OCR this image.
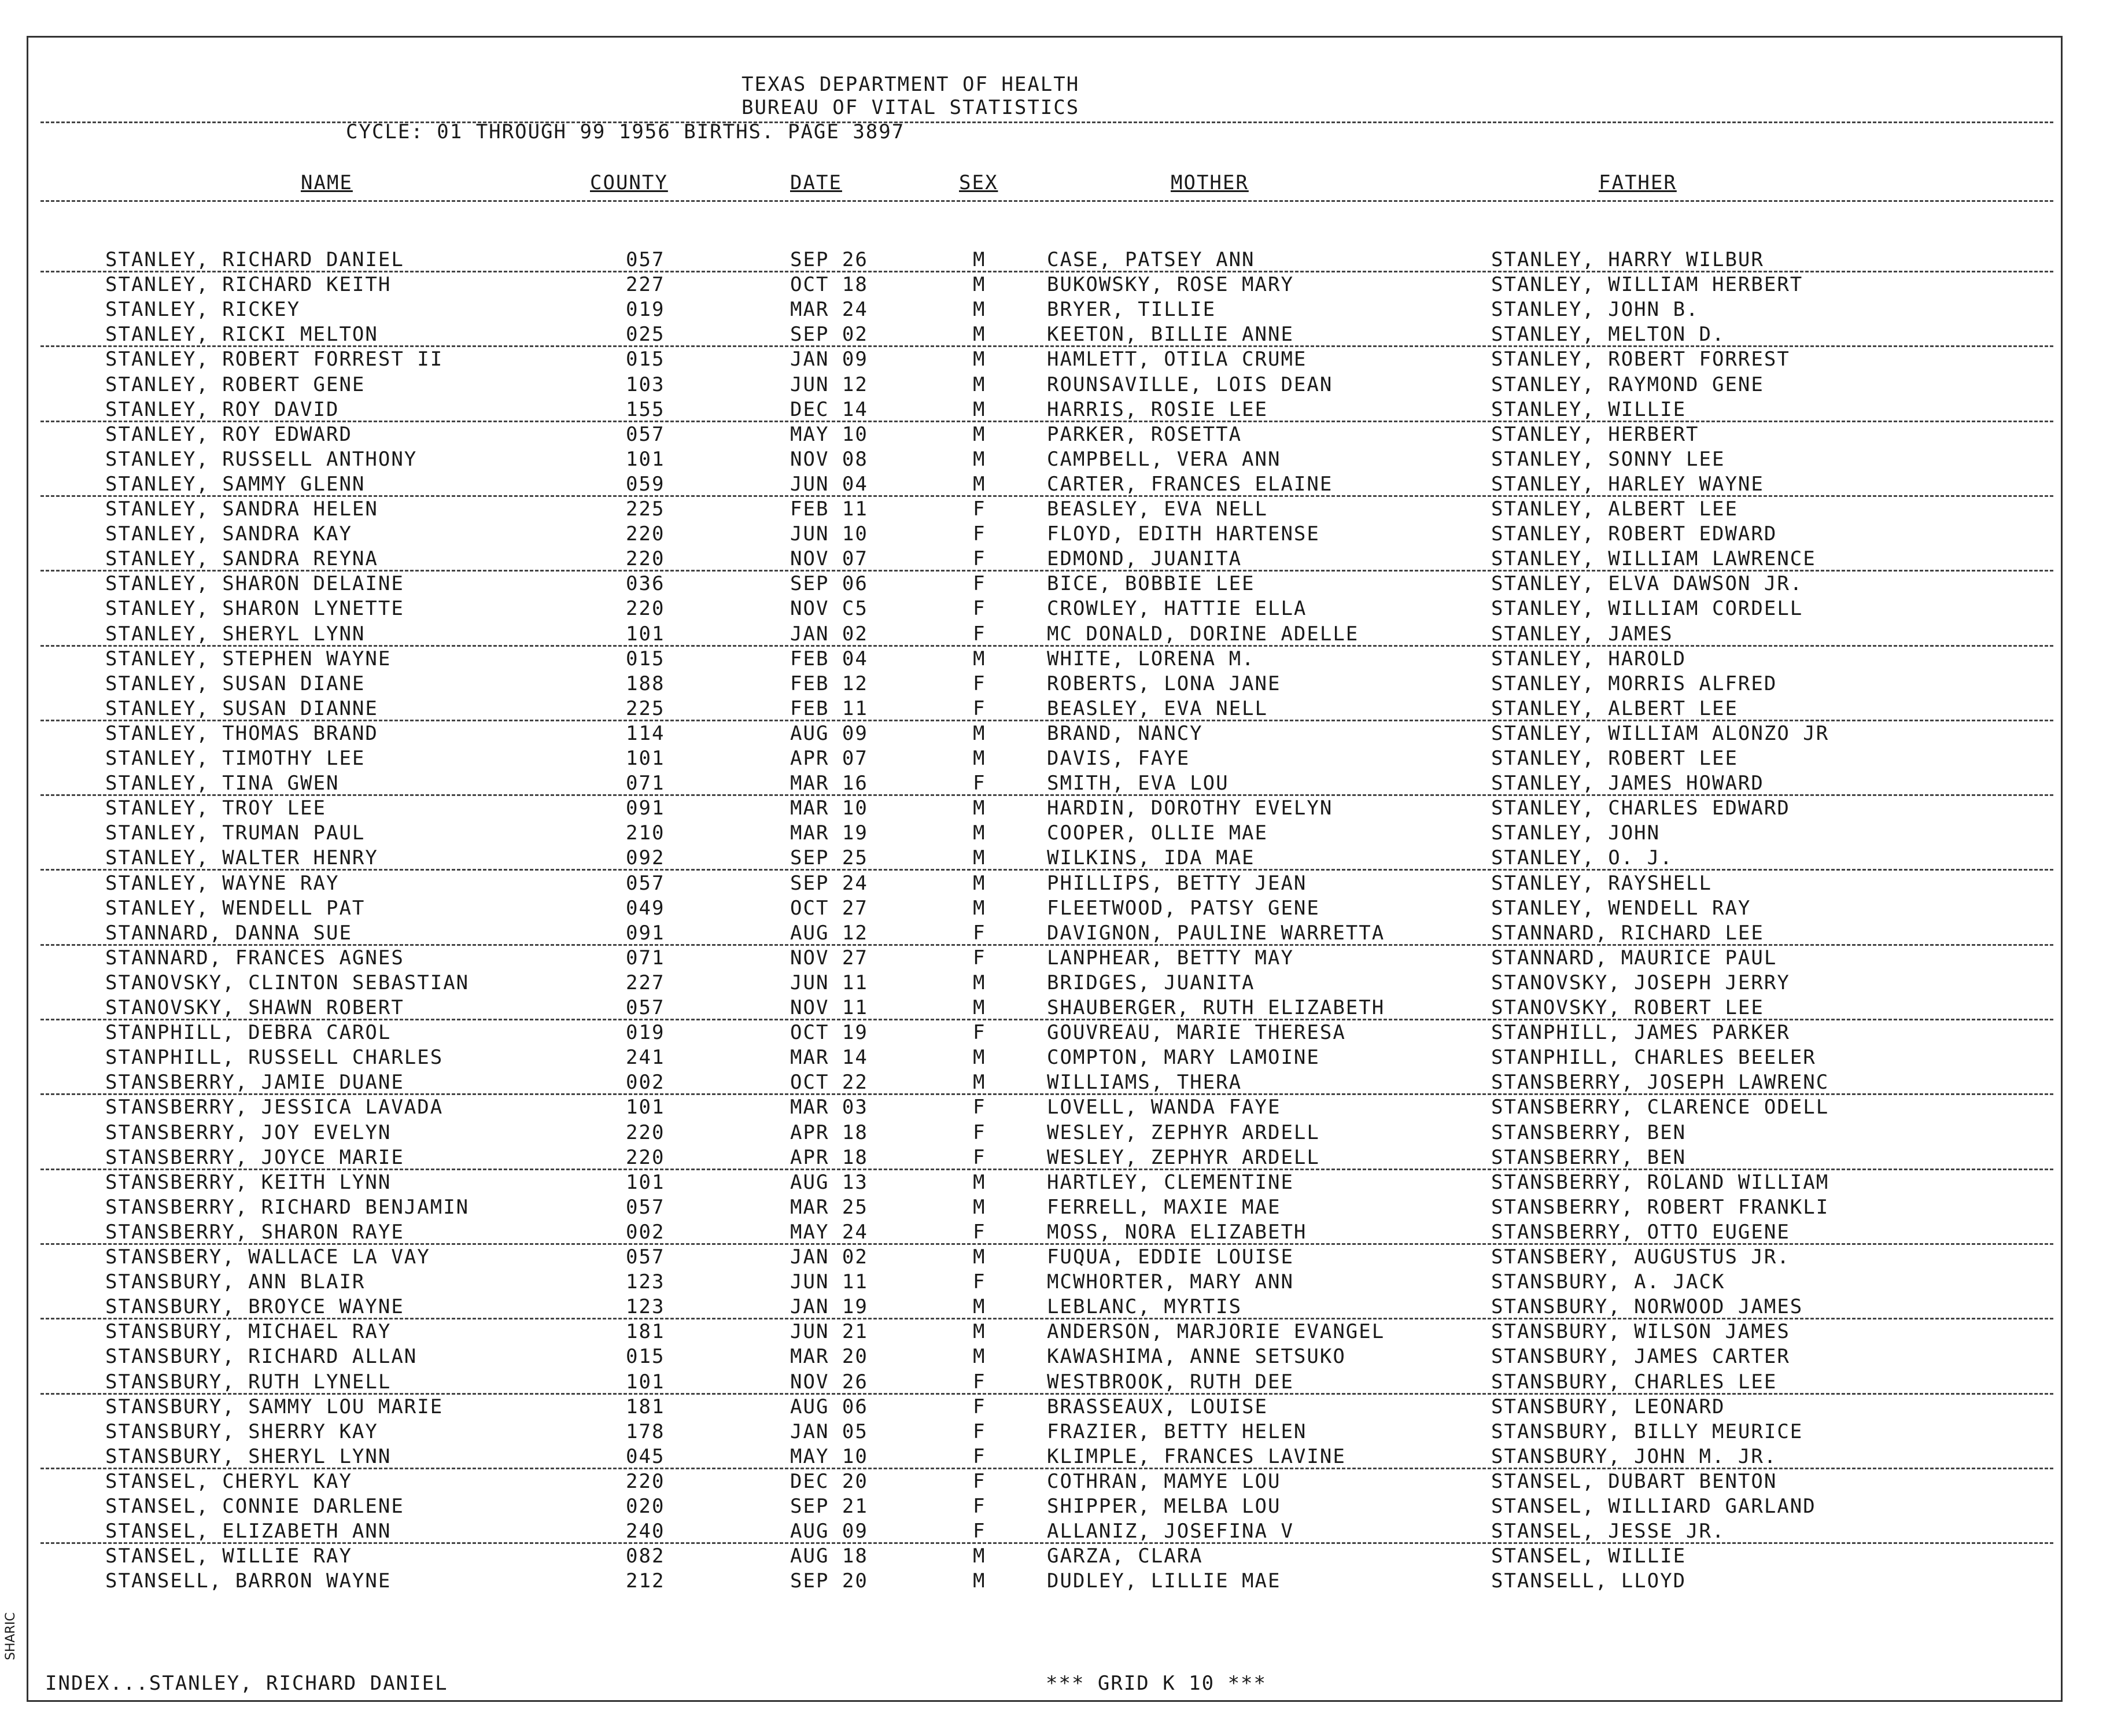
TEXAS DEPARTMENT OF HEALTH
BUREAU OF VITAL STATISTICS
CYCLE: 01 THROUGH 99 1956 BIRTHS. PAGE 3897
NAME	COUNTY	DATE	SEX	MOTHER	FATHER
STANLEY, RICHARD DANIEL	057	SEP 26	M	CASE, PATSEY ANN	STANLEY, HARRY WILBUR
STANLEY, RICHARD KEITH	227	OCT 18	M	BUKOWSKY, ROSE MARY	STANLEY, WILLIAM HERBERT
STANLEY, RICKEY	019	MAR 24	M	BRYER, TILLIE	STANLEY, JOHN B.
STANLEY, RICKI MELTON	025	SEP 02	M	KEETON, BILLIE ANNE	STANLEY, MELTON D.
STANLEY, ROBERT FORREST II	015	JAN 09	M	HAMLETT, OTILA CRUME	STANLEY, ROBERT FORREST
STANLEY, ROBERT GENE	103	JUN 12	M	ROUNSAVILLE, LOIS DEAN	STANLEY, RAYMOND GENE
STANLEY, ROY DAVID	155	DEC 14	M	HARRIS, ROSIE LEE	STANLEY, WILLIE
STANLEY, ROY EDWARD	057	MAY 10	M	PARKER, ROSETTA	STANLEY, HERBERT
STANLEY, RUSSELL ANTHONY	101	NOV 08	M	CAMPBELL, VERA ANN	STANLEY, SONNY LEE
STANLEY, SAMMY GLENN	059	JUN 04	M	CARTER, FRANCES ELAINE	STANLEY, HARLEY WAYNE
STANLEY, SANDRA HELEN	225	FEB 11	F	BEASLEY, EVA NELL	STANLEY, ALBERT LEE
STANLEY, SANDRA KAY	220	JUN 10	F	FLOYD, EDITH HARTENSE	STANLEY, ROBERT EDWARD
STANLEY, SANDRA REYNA	220	NOV 07	F	EDMOND, JUANITA	STANLEY, WILLIAM LAWRENCE
STANLEY, SHARON DELAINE	036	SEP 06	F	BICE, BOBBIE LEE	STANLEY, ELVA DAWSON JR.
STANLEY, SHARON LYNETTE	220	NOV C5	F	CROWLEY, HATTIE ELLA	STANLEY, WILLIAM CORDELL
STANLEY, SHERYL LYNN	101	JAN 02	F	MC DONALD, DORINE ADELLE	STANLEY, JAMES
STANLEY, STEPHEN WAYNE	015	FEB 04	M	WHITE, LORENA M.	STANLEY, HAROLD
STANLEY, SUSAN DIANE	188	FEB 12	F	ROBERTS, LONA JANE	STANLEY, MORRIS ALFRED
STANLEY, SUSAN DIANNE	225	FEB 11	F	BEASLEY, EVA NELL	STANLEY, ALBERT LEE
STANLEY, THOMAS BRAND	114	AUG 09	M	BRAND, NANCY	STANLEY, WILLIAM ALONZO JR
STANLEY, TIMOTHY LEE	101	APR 07	M	DAVIS, FAYE	STANLEY, ROBERT LEE
STANLEY, TINA GWEN	071	MAR 16	F	SMITH, EVA LOU	STANLEY, JAMES HOWARD
STANLEY, TROY LEE	091	MAR 10	M	HARDIN, DOROTHY EVELYN	STANLEY, CHARLES EDWARD
STANLEY, TRUMAN PAUL	210	MAR 19	M	COOPER, OLLIE MAE	STANLEY, JOHN
STANLEY, WALTER HENRY	092	SEP 25	M	WILKINS, IDA MAE	STANLEY, O. J.
STANLEY, WAYNE RAY	057	SEP 24	M	PHILLIPS, BETTY JEAN	STANLEY, RAYSHELL
STANLEY, WENDELL PAT	049	OCT 27	M	FLEETWOOD, PATSY GENE	STANLEY, WENDELL RAY
STANNARD, DANNA SUE	091	AUG 12	F	DAVIGNON, PAULINE WARRETTA	STANNARD, RICHARD LEE
STANNARD, FRANCES AGNES	071	NOV 27	F	LANPHEAR, BETTY MAY	STANNARD, MAURICE PAUL
STANOVSKY, CLINTON SEBASTIAN	227	JUN 11	M	BRIDGES, JUANITA	STANOVSKY, JOSEPH JERRY
STANOVSKY, SHAWN ROBERT	057	NOV 11	M	SHAUBERGER, RUTH ELIZABETH	STANOVSKY, ROBERT LEE
STANPHILL, DEBRA CAROL	019	OCT 19	F	GOUVREAU, MARIE THERESA	STANPHILL, JAMES PARKER
STANPHILL, RUSSELL CHARLES	241	MAR 14	M	COMPTON, MARY LAMOINE	STANPHILL, CHARLES BEELER
STANSBERRY, JAMIE DUANE	002	OCT 22	M	WILLIAMS, THERA	STANSBERRY, JOSEPH LAWRENC
STANSBERRY, JESSICA LAVADA	101	MAR 03	F	LOVELL, WANDA FAYE	STANSBERRY, CLARENCE ODELL
STANSBERRY, JOY EVELYN	220	APR 18	F	WESLEY, ZEPHYR ARDELL	STANSBERRY, BEN
STANSBERRY, JOYCE MARIE	220	APR 18	F	WESLEY, ZEPHYR ARDELL	STANSBERRY, BEN
STANSBERRY, KEITH LYNN	101	AUG 13	M	HARTLEY, CLEMENTINE	STANSBERRY, ROLAND WILLIAM
STANSBERRY, RICHARD BENJAMIN	057	MAR 25	M	FERRELL, MAXIE MAE	STANSBERRY, ROBERT FRANKLI
STANSBERRY, SHARON RAYE	002	MAY 24	F	MOSS, NORA ELIZABETH	STANSBERRY, OTTO EUGENE
STANSBERY, WALLACE LA VAY	057	JAN 02	M	FUQUA, EDDIE LOUISE	STANSBERY, AUGUSTUS JR.
STANSBURY, ANN BLAIR	123	JUN 11	F	MCWHORTER, MARY ANN	STANSBURY, A. JACK
STANSBURY, BROYCE WAYNE	123	JAN 19	M	LEBLANC, MYRTIS	STANSBURY, NORWOOD JAMES
STANSBURY, MICHAEL RAY	181	JUN 21	M	ANDERSON, MARJORIE EVANGEL	STANSBURY, WILSON JAMES
STANSBURY, RICHARD ALLAN	015	MAR 20	M	KAWASHIMA, ANNE SETSUKO	STANSBURY, JAMES CARTER
STANSBURY, RUTH LYNELL	101	NOV 26	F	WESTBROOK, RUTH DEE	STANSBURY, CHARLES LEE
STANSBURY, SAMMY LOU MARIE	181	AUG 06	F	BRASSEAUX, LOUISE	STANSBURY, LEONARD
STANSBURY, SHERRY KAY	178	JAN 05	F	FRAZIER, BETTY HELEN	STANSBURY, BILLY MEURICE
STANSBURY, SHERYL LYNN	045	MAY 10	F	KLIMPLE, FRANCES LAVINE	STANSBURY, JOHN M. JR.
STANSEL, CHERYL KAY	220	DEC 20	F	COTHRAN, MAMYE LOU	STANSEL, DUBART BENTON
STANSEL, CONNIE DARLENE	020	SEP 21	F	SHIPPER, MELBA LOU	STANSEL, WILLIARD GARLAND
STANSEL, ELIZABETH ANN	240	AUG 09	F	ALLANIZ, JOSEFINA V	STANSEL, JESSE JR.
STANSEL, WILLIE RAY	082	AUG 18	M	GARZA, CLARA	STANSEL, WILLIE
STANSELL, BARRON WAYNE	212	SEP 20	M	DUDLEY, LILLIE MAE	STANSELL, LLOYD
INDEX...STANLEY, RICHARD DANIEL	*** GRID K 10 ***
SHARIC
